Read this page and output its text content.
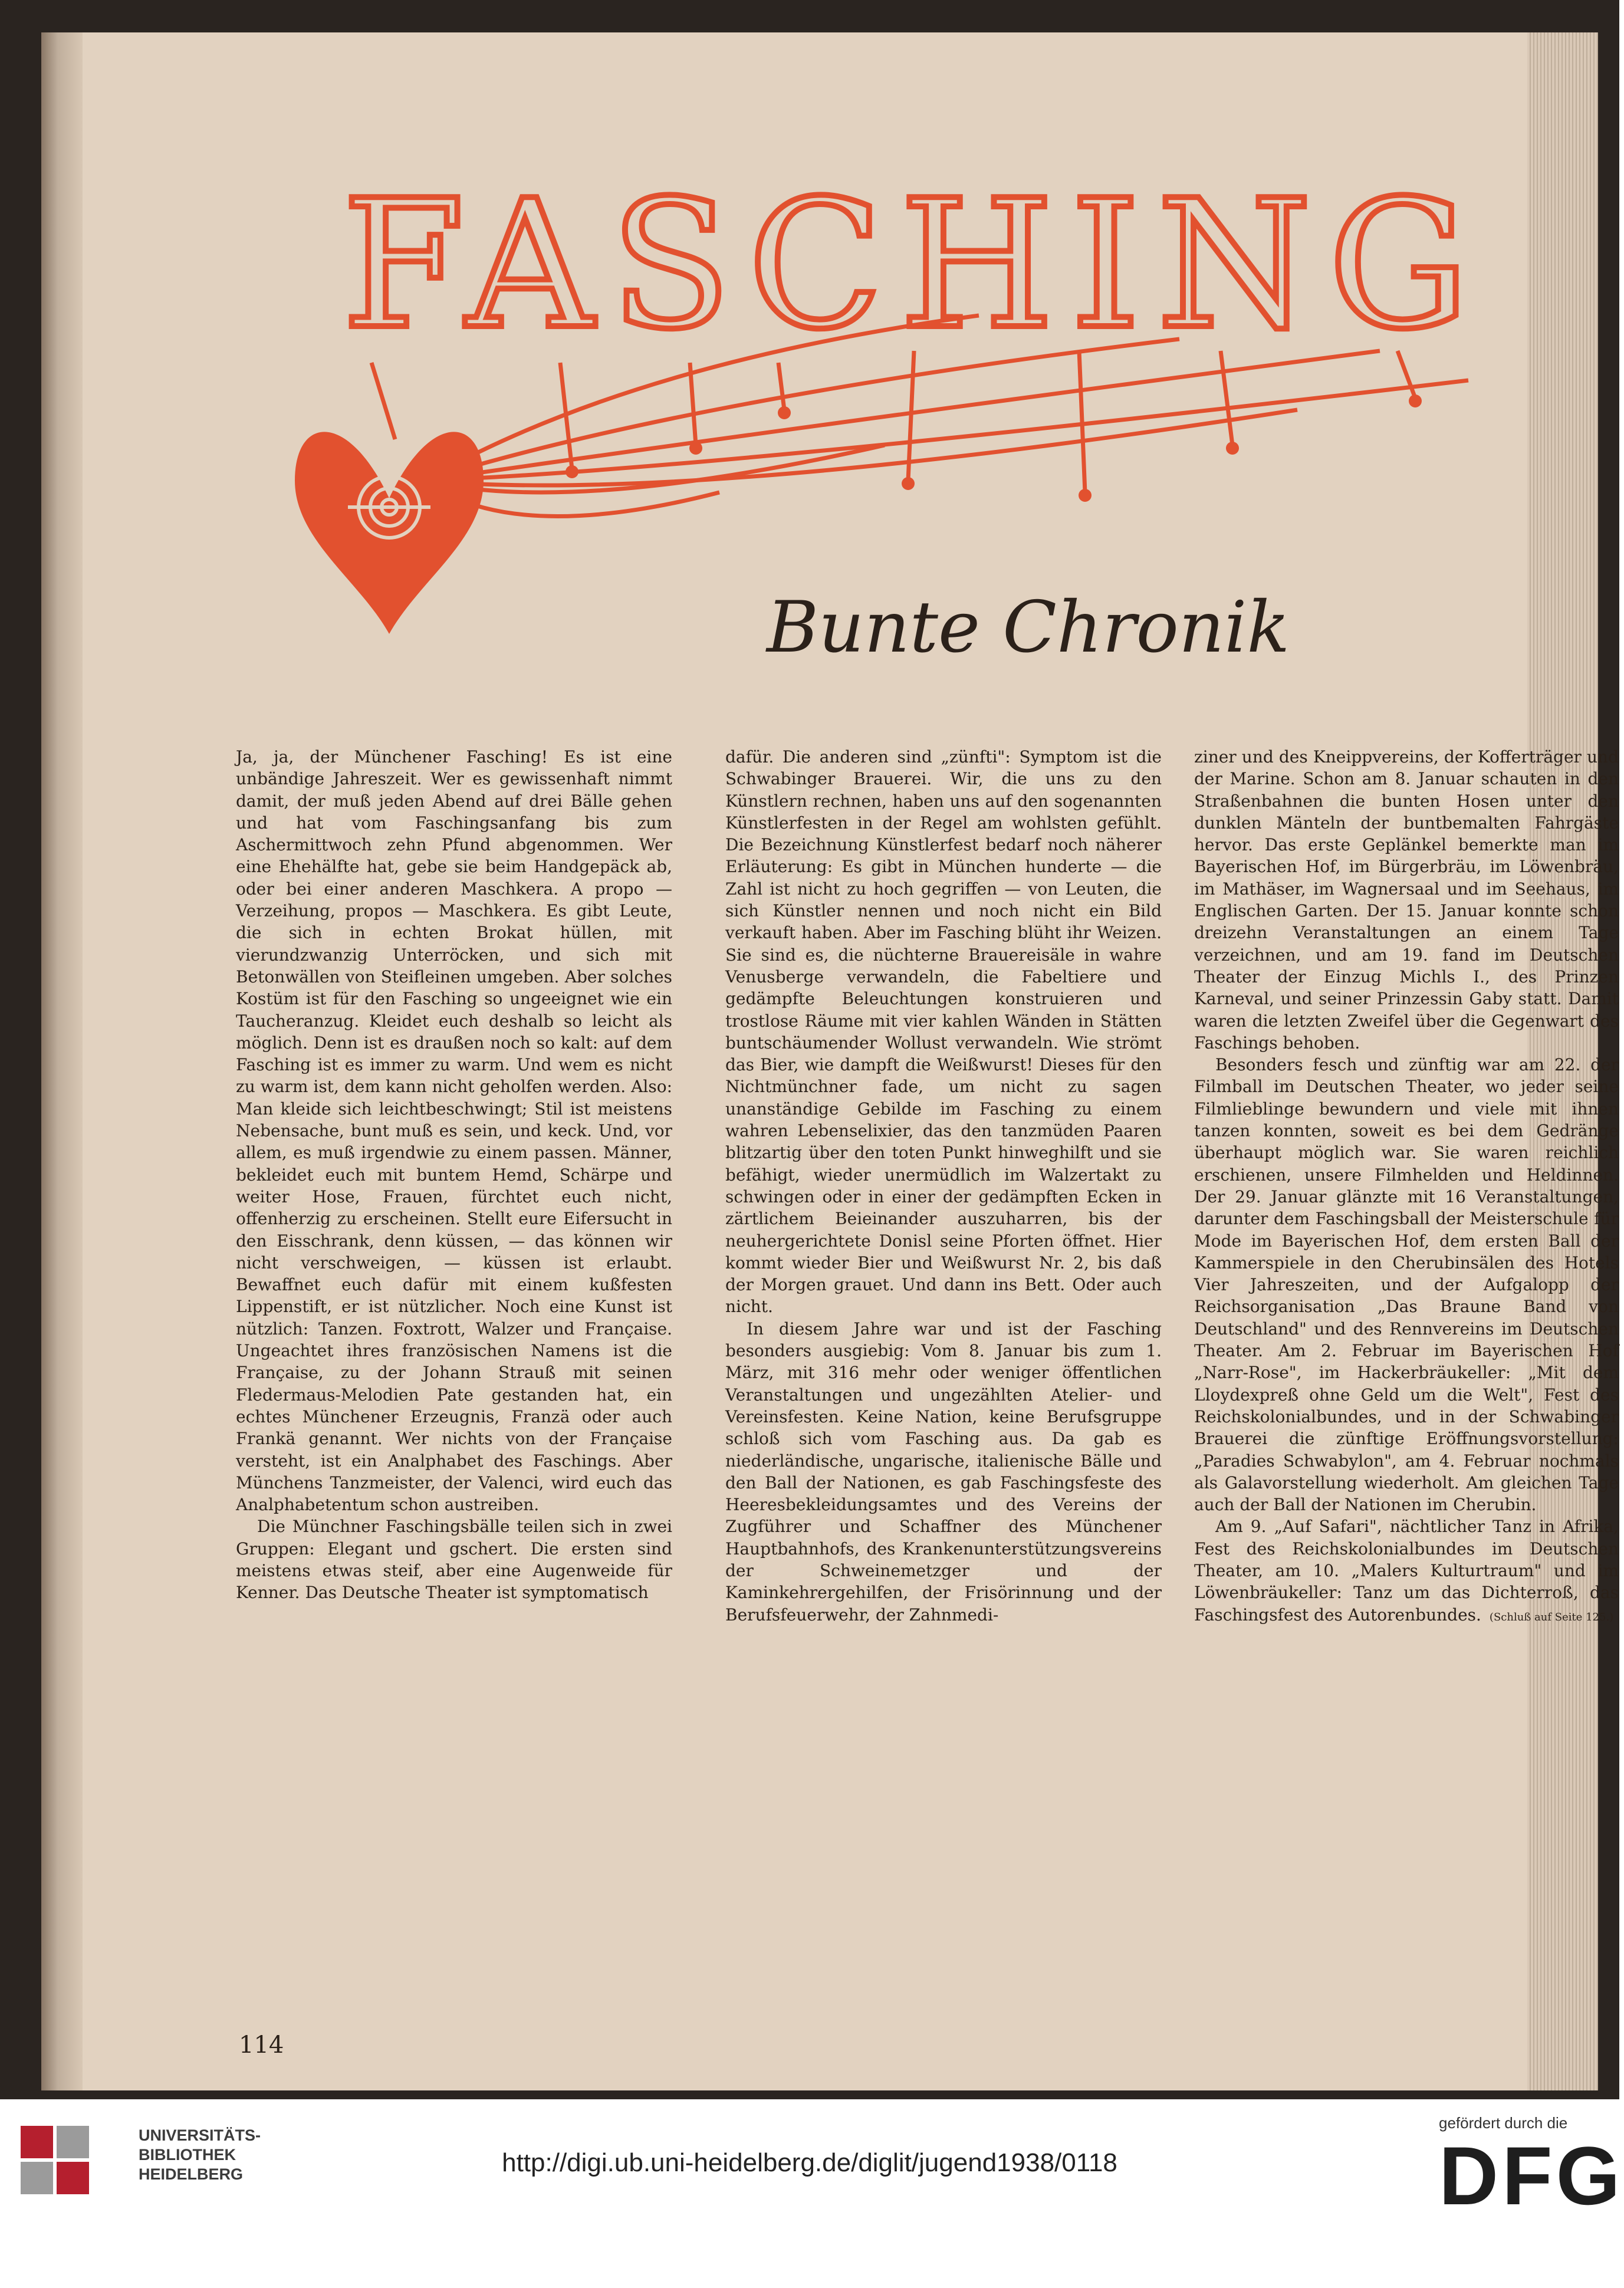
FASCHING
Bunte Chronik

Ja, ja, der Münchener Fasching! Es ist eine unbändige Jahreszeit. Wer es gewissenhaft nimmt damit, der muß jeden Abend auf drei Bälle gehen und hat vom Faschingsanfang bis zum Aschermittwoch zehn Pfund abgenommen. Wer eine Ehehälfte hat, gebe sie beim Handgepäck ab, oder bei einer anderen Maschkera. A propo — Verzeihung, propos — Maschkera. Es gibt Leute, die sich in echten Brokat hüllen, mit vierundzwanzig Unterröcken, und sich mit Betonwällen von Steifleinen umgeben. Aber solches Kostüm ist für den Fasching so ungeeignet wie ein Taucheranzug. Kleidet euch deshalb so leicht als möglich. Denn ist es draußen noch so kalt: auf dem Fasching ist es immer zu warm. Und wem es nicht zu warm ist, dem kann nicht geholfen werden. Also: Man kleide sich leichtbeschwingt; Stil ist meistens Nebensache, bunt muß es sein, und keck. Und, vor allem, es muß irgendwie zu einem passen. Männer, bekleidet euch mit buntem Hemd, Schärpe und weiter Hose, Frauen, fürchtet euch nicht, offenherzig zu erscheinen. Stellt eure Eifersucht in den Eisschrank, denn küssen, — das können wir nicht verschweigen, — küssen ist erlaubt. Bewaffnet euch dafür mit einem kußfesten Lippenstift, er ist nützlicher. Noch eine Kunst ist nützlich: Tanzen. Foxtrott, Walzer und Française. Ungeachtet ihres französischen Namens ist die Française, zu der Johann Strauß mit seinen Fledermaus-Melodien Pate gestanden hat, ein echtes Münchener Erzeugnis, Franzä oder auch Frankä genannt. Wer nichts von der Française versteht, ist ein Analphabet des Faschings. Aber Münchens Tanzmeister, der Valenci, wird euch das Analphabetentum schon austreiben.

Die Münchner Faschingsbälle teilen sich in zwei Gruppen: Elegant und gschert. Die ersten sind meistens etwas steif, aber eine Augenweide für Kenner. Das Deutsche Theater ist symptomatisch

dafür. Die anderen sind „zünfti": Symptom ist die Schwabinger Brauerei. Wir, die uns zu den Künstlern rechnen, haben uns auf den sogenannten Künstlerfesten in der Regel am wohlsten gefühlt. Die Bezeichnung Künstlerfest bedarf noch näherer Erläuterung: Es gibt in München hunderte — die Zahl ist nicht zu hoch gegriffen — von Leuten, die sich Künstler nennen und noch nicht ein Bild verkauft haben. Aber im Fasching blüht ihr Weizen. Sie sind es, die nüchterne Brauereisäle in wahre Venusberge verwandeln, die Fabeltiere und gedämpfte Beleuchtungen konstruieren und trostlose Räume mit vier kahlen Wänden in Stätten buntschäumender Wollust verwandeln. Wie strömt das Bier, wie dampft die Weißwurst! Dieses für den Nichtmünchner fade, um nicht zu sagen unanständige Gebilde im Fasching zu einem wahren Lebenselixier, das den tanzmüden Paaren blitzartig über den toten Punkt hinweghilft und sie befähigt, wieder unermüdlich im Walzertakt zu schwingen oder in einer der gedämpften Ecken in zärtlichem Beieinander auszuharren, bis der neuhergerichtete Donisl seine Pforten öffnet. Hier kommt wieder Bier und Weißwurst Nr. 2, bis daß der Morgen grauet. Und dann ins Bett. Oder auch nicht.

In diesem Jahre war und ist der Fasching besonders ausgiebig: Vom 8. Januar bis zum 1. März, mit 316 mehr oder weniger öffentlichen Veranstaltungen und ungezählten Atelier- und Vereinsfesten. Keine Nation, keine Berufsgruppe schloß sich vom Fasching aus. Da gab es niederländische, ungarische, italienische Bälle und den Ball der Nationen, es gab Faschingsfeste des Heeresbekleidungsamtes und des Vereins der Zugführer und Schaffner des Münchener Hauptbahnhofs, des Krankenunterstützungsvereins der Schweinemetzger und der Kaminkehrergehilfen, der Frisörinnung und der Berufsfeuerwehr, der Zahnmedi-

ziner und des Kneippvereins, der Kofferträger und der Marine. Schon am 8. Januar schauten in den Straßenbahnen die bunten Hosen unter den dunklen Mänteln der buntbemalten Fahrgäste hervor. Das erste Geplänkel bemerkte man im Bayerischen Hof, im Bürgerbräu, im Löwenbräu, im Mathäser, im Wagnersaal und im Seehaus, im Englischen Garten. Der 15. Januar konnte schon dreizehn Veranstaltungen an einem Tage verzeichnen, und am 19. fand im Deutschen Theater der Einzug Michls I., des Prinzen Karneval, und seiner Prinzessin Gaby statt. Damit waren die letzten Zweifel über die Gegenwart des Faschings behoben.

Besonders fesch und zünftig war am 22. der Filmball im Deutschen Theater, wo jeder seine Filmlieblinge bewundern und viele mit ihnen tanzen konnten, soweit es bei dem Gedränge überhaupt möglich war. Sie waren reichlich erschienen, unsere Filmhelden und Heldinnen. Der 29. Januar glänzte mit 16 Veranstaltungen, darunter dem Faschingsball der Meisterschule für Mode im Bayerischen Hof, dem ersten Ball der Kammerspiele in den Cherubinsälen des Hotels Vier Jahreszeiten, und der Aufgalopp der Reichsorganisation „Das Braune Band von Deutschland" und des Rennvereins im Deutschen Theater. Am 2. Februar im Bayerischen Hof „Narr-Rose", im Hackerbräukeller: „Mit dem Lloydexpreß ohne Geld um die Welt", Fest des Reichskolonialbundes, und in der Schwabinger Brauerei die zünftige Eröffnungsvorstellung: „Paradies Schwabylon", am 4. Februar nochmals als Galavorstellung wiederholt. Am gleichen Tage auch der Ball der Nationen im Cherubin.

Am 9. „Auf Safari", nächtlicher Tanz in Afrika, Fest des Reichskolonialbundes im Deutschen Theater, am 10. „Malers Kulturtraum" und im Löwenbräukeller: Tanz um das Dichterroß, das Faschingsfest des Autorenbundes. (Schluß auf Seite 125.)

114
UNIVERSITÄTS-
BIBLIOTHEK
HEIDELBERG	http://digi.ub.uni-heidelberg.de/diglit/jugend1938/0118
gefördert durch die
DFG
